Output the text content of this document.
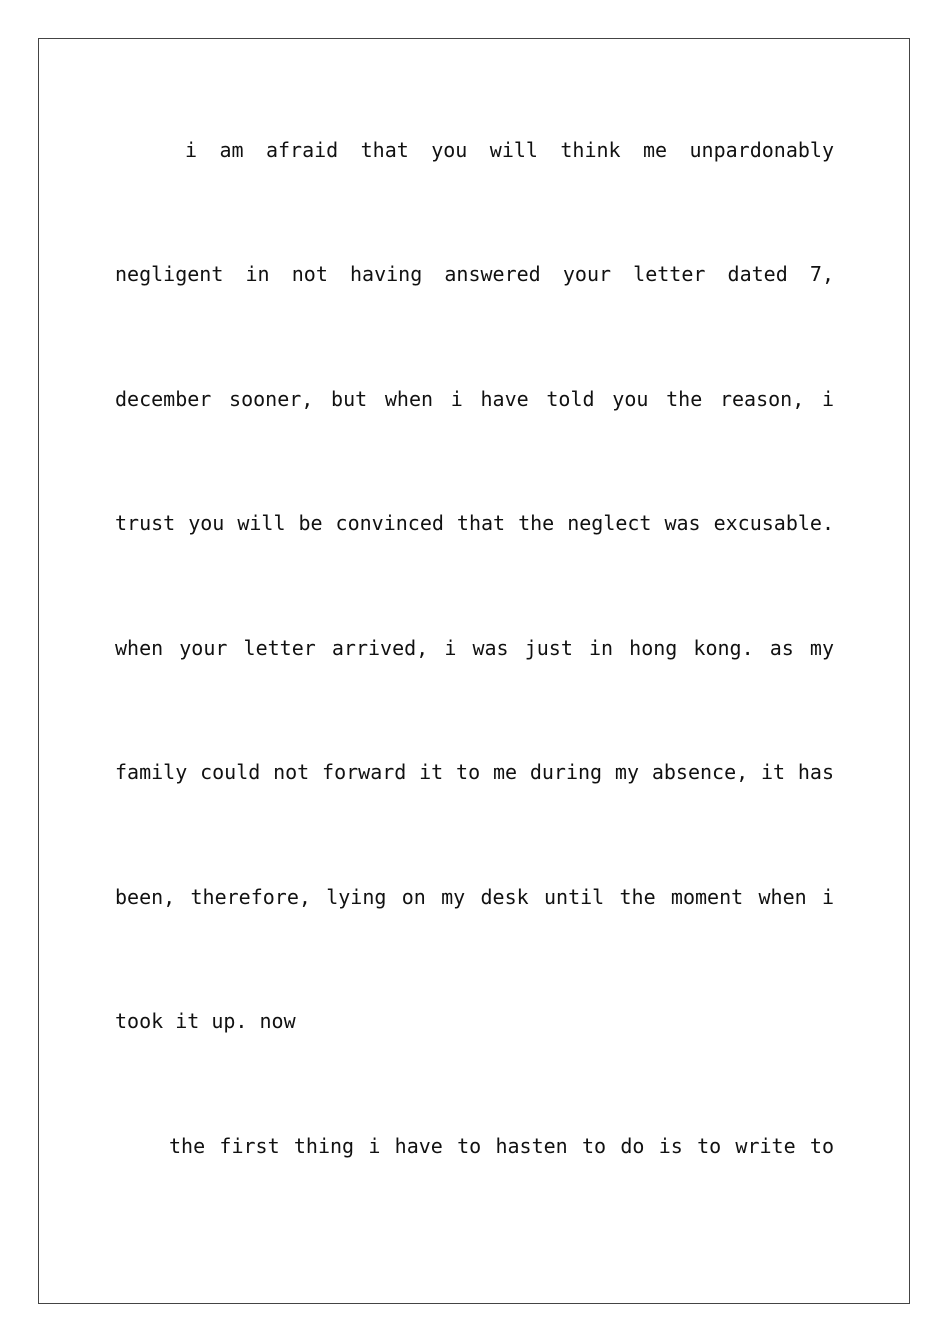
i am afraid that you will think me unpardonably
negligent in not having answered your letter dated 7,
december sooner, but when i have told you the reason, i
trust you will be convinced that the neglect was excusable.
when your letter arrived, i was just in hong kong. as my
family could not forward it to me during my absence, it has
been, therefore, lying on my desk until the moment when i
took it up. now
the first thing i have to hasten to do is to write to
